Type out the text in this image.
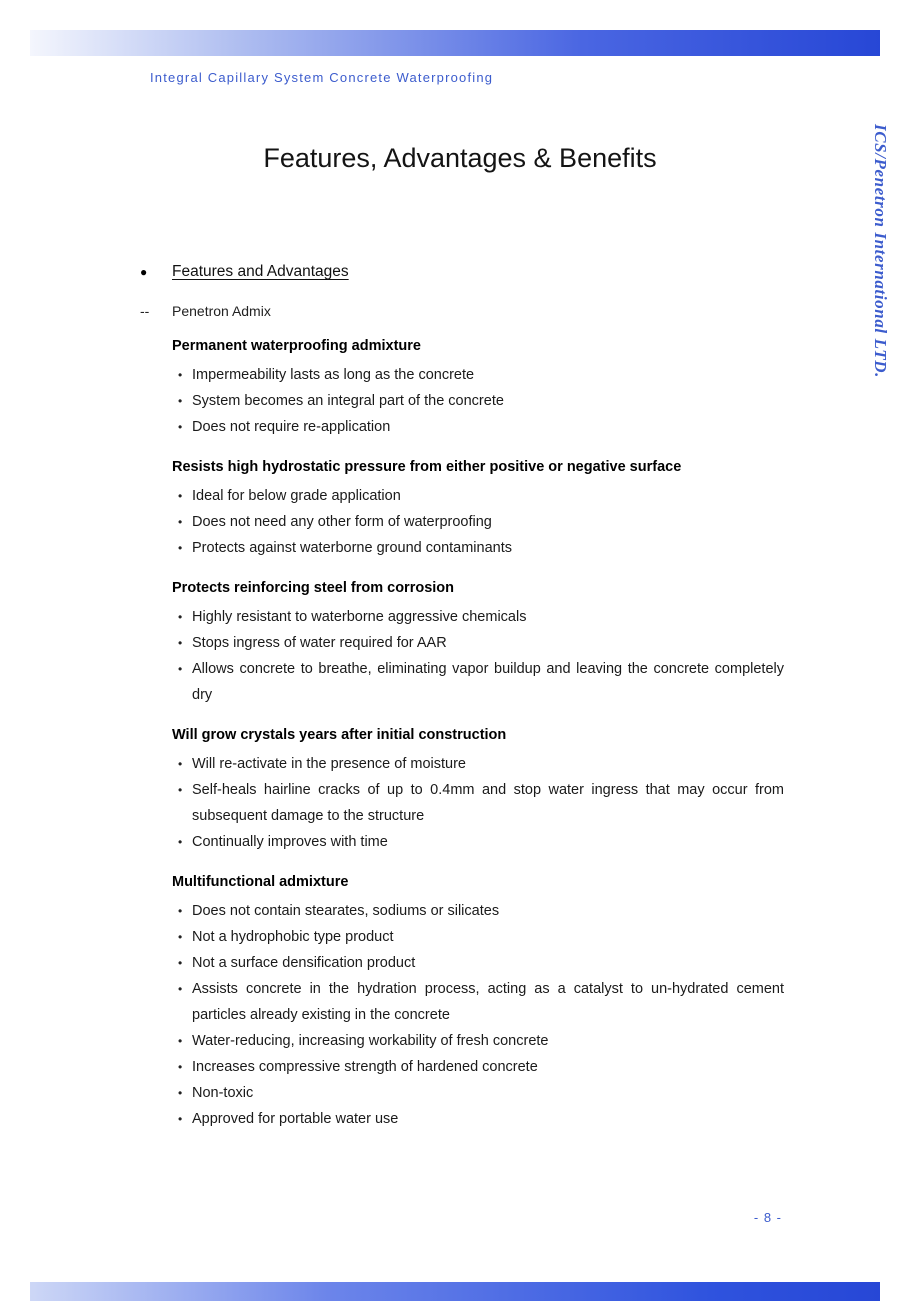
Integral Capillary System Concrete Waterproofing
ICS/Penetron International LTD.
Features, Advantages & Benefits
●	Features and Advantages
--	Penetron Admix
Permanent waterproofing admixture
• Impermeability lasts as long as the concrete
• System becomes an integral part of the concrete
• Does not require re-application
Resists high hydrostatic pressure from either positive or negative surface
• Ideal for below grade application
• Does not need any other form of waterproofing
• Protects against waterborne ground contaminants
Protects reinforcing steel from corrosion
• Highly resistant to waterborne aggressive chemicals
• Stops ingress of water required for AAR
• Allows concrete to breathe, eliminating vapor buildup and leaving the concrete completely dry
Will grow crystals years after initial construction
• Will re-activate in the presence of moisture
• Self-heals hairline cracks of up to 0.4mm and stop water ingress that may occur from subsequent damage to the structure
• Continually improves with time
Multifunctional admixture
• Does not contain stearates, sodiums or silicates
• Not a hydrophobic type product
• Not a surface densification product
• Assists concrete in the hydration process, acting as a catalyst to un-hydrated cement particles already existing in the concrete
• Water-reducing, increasing workability of fresh concrete
• Increases compressive strength of hardened concrete
• Non-toxic
• Approved for portable water use
- 8 -
